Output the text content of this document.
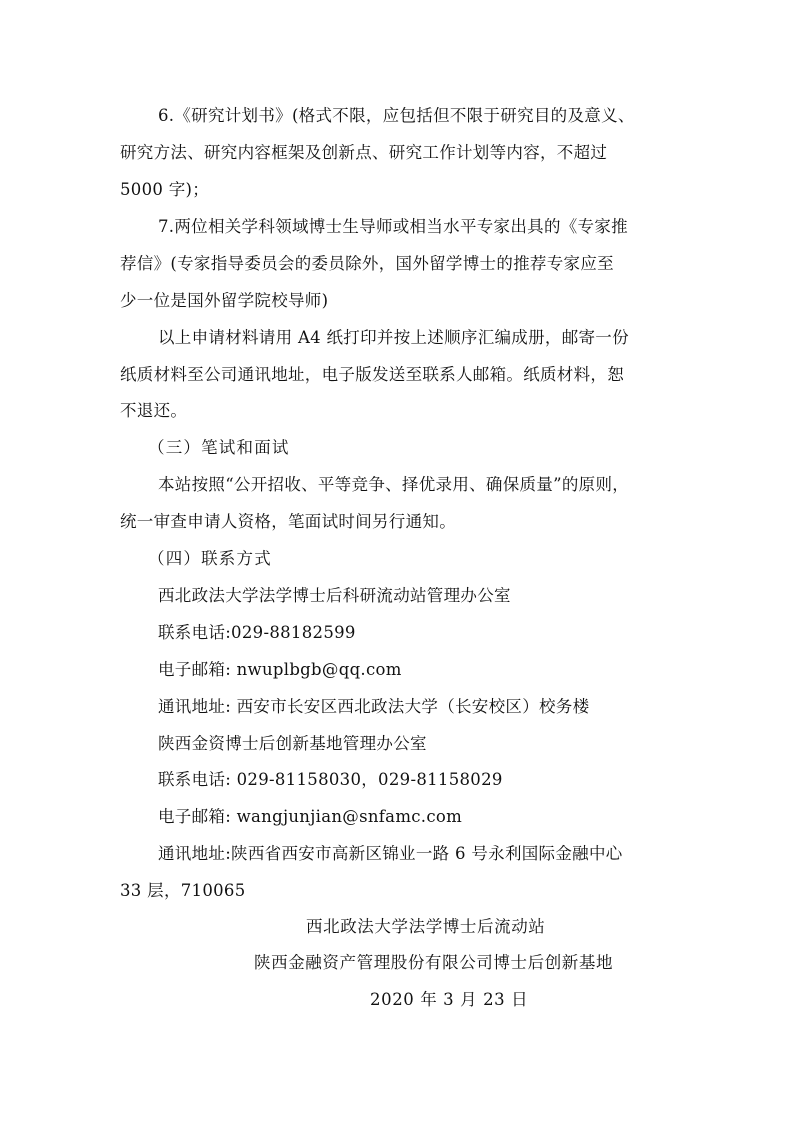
6.《研究计划书》(格式不限，应包括但不限于研究目的及意义、
研究方法、研究内容框架及创新点、研究工作计划等内容，不超过
5000 字)；
7.两位相关学科领域博士生导师或相当水平专家出具的《专家推
荐信》(专家指导委员会的委员除外，国外留学博士的推荐专家应至
少一位是国外留学院校导师)
以上申请材料请用 A4 纸打印并按上述顺序汇编成册，邮寄一份
纸质材料至公司通讯地址，电子版发送至联系人邮箱。纸质材料，恕
不退还。
（三）笔试和面试
本站按照“公开招收、平等竞争、择优录用、确保质量”的原则，
统一审查申请人资格，笔面试时间另行通知。
（四）联系方式
西北政法大学法学博士后科研流动站管理办公室
联系电话:029-88182599
电子邮箱: nwuplbgb@qq.com
通讯地址: 西安市长安区西北政法大学（长安校区）校务楼
陕西金资博士后创新基地管理办公室
联系电话: 029-81158030，029-81158029
电子邮箱: wangjunjian@snfamc.com
通讯地址:陕西省西安市高新区锦业一路 6 号永利国际金融中心
33 层，710065
西北政法大学法学博士后流动站
陕西金融资产管理股份有限公司博士后创新基地
2020 年 3 月 23 日
